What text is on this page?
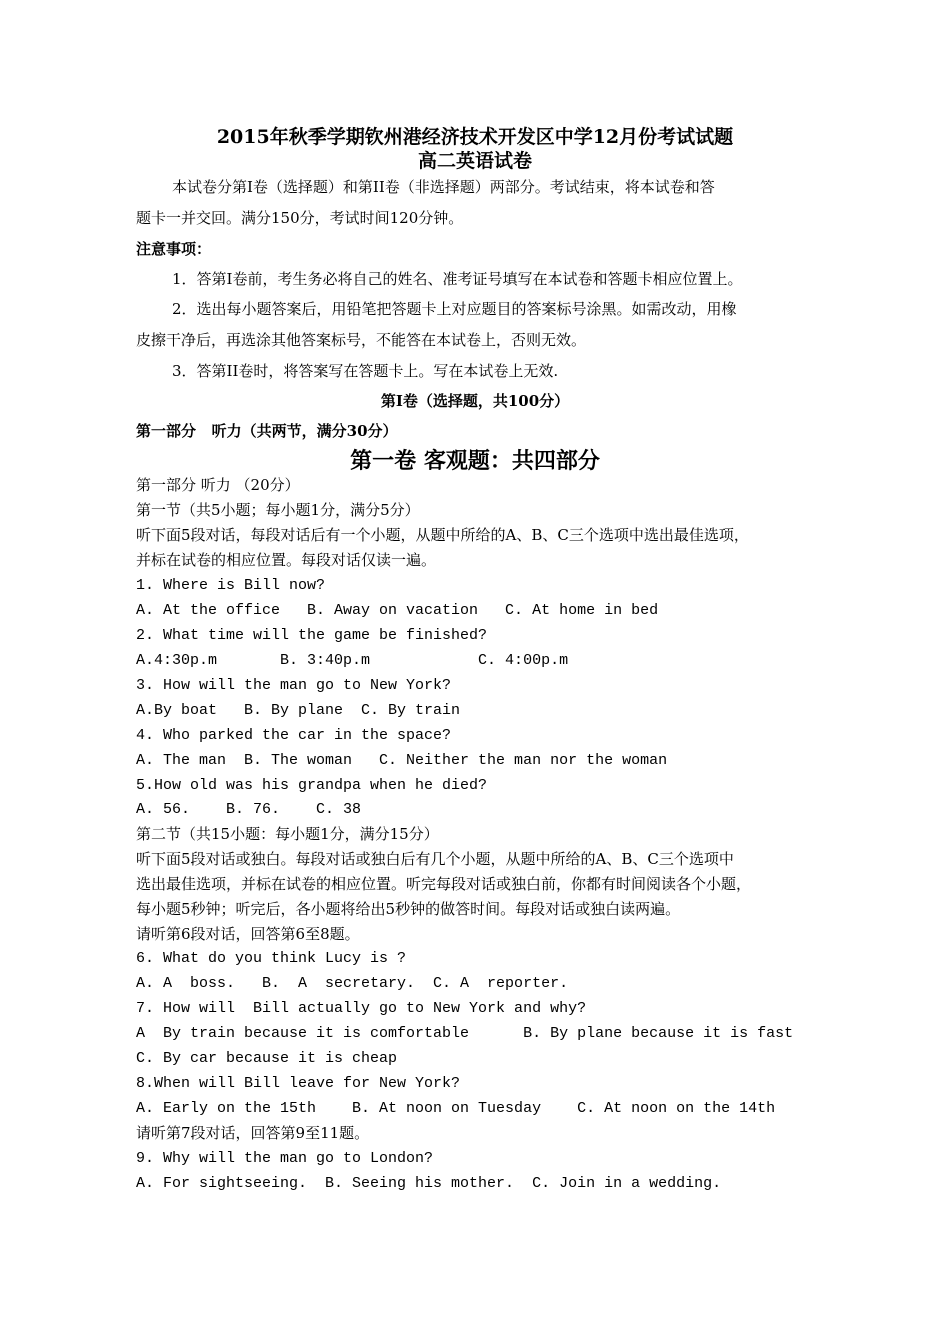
2015年秋季学期钦州港经济技术开发区中学12月份考试试题
高二英语试卷
本试卷分第I卷（选择题）和第II卷（非选择题）两部分。考试结束，将本试卷和答
题卡一并交回。满分150分，考试时间120分钟。
注意事项：
1．答第I卷前，考生务必将自己的姓名、准考证号填写在本试卷和答题卡相应位置上。
2．选出每小题答案后，用铅笔把答题卡上对应题目的答案标号涂黑。如需改动，用橡
皮擦干净后，再选涂其他答案标号，不能答在本试卷上，否则无效。
3．答第II卷时，将答案写在答题卡上。写在本试卷上无效.
第I卷（选择题，共100分）
第一部分   听力（共两节，满分30分）
第一卷 客观题：共四部分
第一部分 听力 （20分）
第一节（共5小题；每小题1分，满分5分）
听下面5段对话，每段对话后有一个小题，从题中所给的A、B、C三个选项中选出最佳选项，
并标在试卷的相应位置。每段对话仅读一遍。
1. Where is Bill now?
A. At the office   B. Away on vacation   C. At home in bed
2. What time will the game be finished?
A.4:30p.m       B. 3:40p.m            C. 4:00p.m
3. How will the man go to New York?
A.By boat   B. By plane  C. By train
4. Who parked the car in the space?
A. The man  B. The woman   C. Neither the man nor the woman
5.How old was his grandpa when he died?
A. 56.    B. 76.    C. 38
第二节（共15小题：每小题1分，满分15分）
听下面5段对话或独白。每段对话或独白后有几个小题，从题中所给的A、B、C三个选项中
选出最佳选项，并标在试卷的相应位置。听完每段对话或独白前，你都有时间阅读各个小题，
每小题5秒钟；听完后，各小题将给出5秒钟的做答时间。每段对话或独白读两遍。
请听第6段对话，回答第6至8题。
6. What do you think Lucy is ?
A. A  boss.   B.  A  secretary.  C. A  reporter.
7. How will  Bill actually go to New York and why?
A  By train because it is comfortable      B. By plane because it is fast
C. By car because it is cheap
8.When will Bill leave for New York?
A. Early on the 15th    B. At noon on Tuesday    C. At noon on the 14th
请听第7段对话，回答第9至11题。
9. Why will the man go to London?
A. For sightseeing.  B. Seeing his mother.  C. Join in a wedding.
